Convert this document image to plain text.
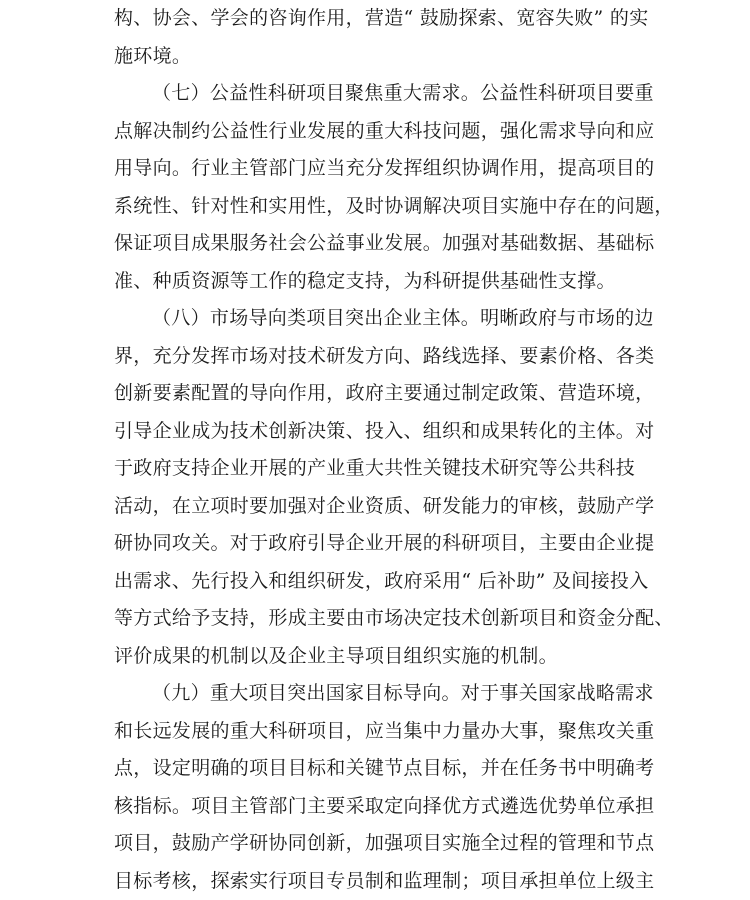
构、协会、学会的咨询作用，营造“ 鼓励探索、宽容失败” 的实
施环境。
（七）公益性科研项目聚焦重大需求。公益性科研项目要重
点解决制约公益性行业发展的重大科技问题，强化需求导向和应
用导向。行业主管部门应当充分发挥组织协调作用，提高项目的
系统性、针对性和实用性，及时协调解决项目实施中存在的问题，
保证项目成果服务社会公益事业发展。加强对基础数据、基础标
准、种质资源等工作的稳定支持，为科研提供基础性支撑。
（八）市场导向类项目突出企业主体。明晰政府与市场的边
界，充分发挥市场对技术研发方向、路线选择、要素价格、各类
创新要素配置的导向作用，政府主要通过制定政策、营造环境，
引导企业成为技术创新决策、投入、组织和成果转化的主体。对
于政府支持企业开展的产业重大共性关键技术研究等公共科技
活动，在立项时要加强对企业资质、研发能力的审核，鼓励产学
研协同攻关。对于政府引导企业开展的科研项目，主要由企业提
出需求、先行投入和组织研发，政府采用“ 后补助” 及间接投入
等方式给予支持，形成主要由市场决定技术创新项目和资金分配、
评价成果的机制以及企业主导项目组织实施的机制。
（九）重大项目突出国家目标导向。对于事关国家战略需求
和长远发展的重大科研项目，应当集中力量办大事，聚焦攻关重
点，设定明确的项目目标和关键节点目标，并在任务书中明确考
核指标。项目主管部门主要采取定向择优方式遴选优势单位承担
项目，鼓励产学研协同创新，加强项目实施全过程的管理和节点
目标考核，探索实行项目专员制和监理制；项目承担单位上级主
